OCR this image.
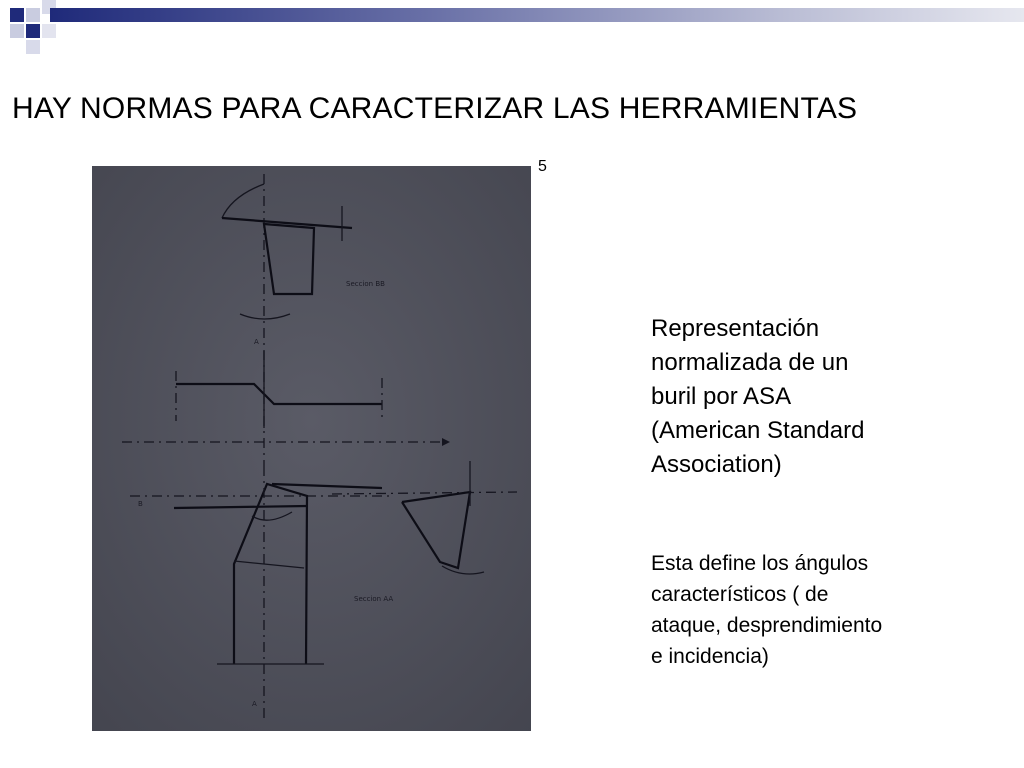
HAY NORMAS PARA CARACTERIZAR LAS HERRAMIENTAS
5
Seccion BB
A
B
Seccion AA
A
Representación
normalizada de un
buril por ASA
(American Standard
Association)
Esta define los ángulos
característicos ( de
ataque, desprendimiento
e incidencia)
